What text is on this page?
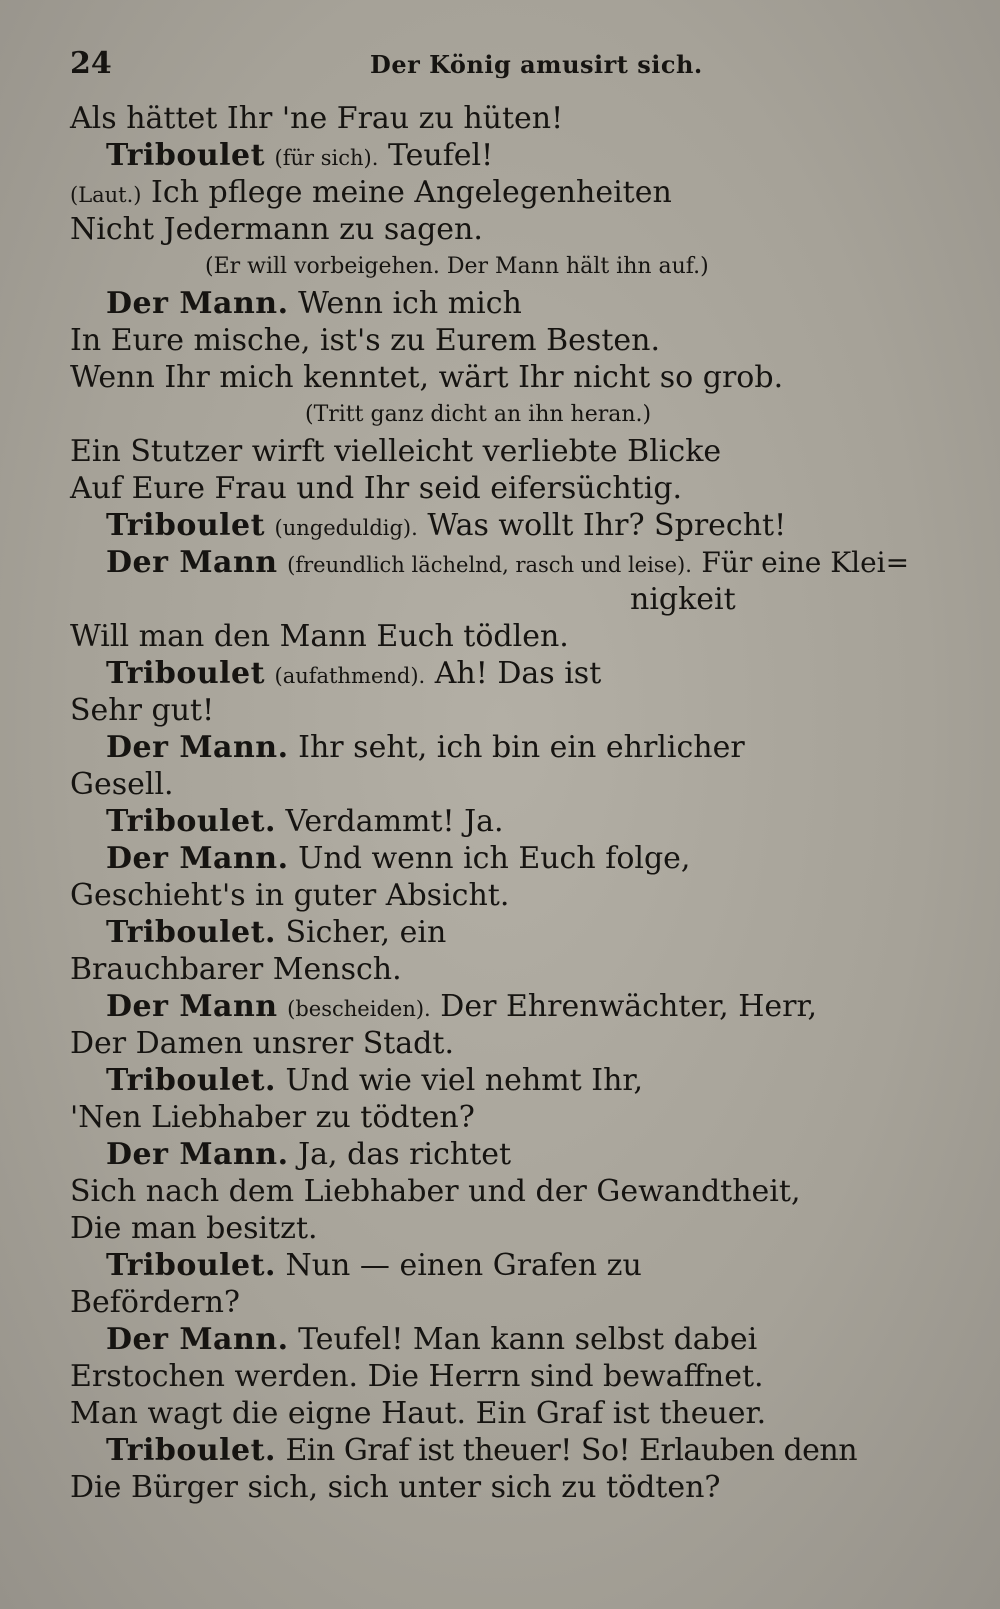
24	Der König amusirt sich.
Als hättet Ihr 'ne Frau zu hüten!
Triboulet (für sich). Teufel!
(Laut.) Ich pflege meine Angelegenheiten
Nicht Jedermann zu sagen.
(Er will vorbeigehen. Der Mann hält ihn auf.)
Der Mann. Wenn ich mich
In Eure mische, ist's zu Eurem Besten.
Wenn Ihr mich kenntet, wärt Ihr nicht so grob.
(Tritt ganz dicht an ihn heran.)
Ein Stutzer wirft vielleicht verliebte Blicke
Auf Eure Frau und Ihr seid eifersüchtig.
Triboulet (ungeduldig). Was wollt Ihr? Sprecht!
Der Mann (freundlich lächelnd, rasch und leise). Für eine Klei=
nigkeit
Will man den Mann Euch tödlen.
Triboulet (aufathmend). Ah! Das ist
Sehr gut!
Der Mann. Ihr seht, ich bin ein ehrlicher
Gesell.
Triboulet. Verdammt! Ja.
Der Mann. Und wenn ich Euch folge,
Geschieht's in guter Absicht.
Triboulet. Sicher, ein
Brauchbarer Mensch.
Der Mann (bescheiden). Der Ehrenwächter, Herr,
Der Damen unsrer Stadt.
Triboulet. Und wie viel nehmt Ihr,
'Nen Liebhaber zu tödten?
Der Mann. Ja, das richtet
Sich nach dem Liebhaber und der Gewandtheit,
Die man besitzt.
Triboulet. Nun — einen Grafen zu
Befördern?
Der Mann. Teufel! Man kann selbst dabei
Erstochen werden. Die Herrn sind bewaffnet.
Man wagt die eigne Haut. Ein Graf ist theuer.
Triboulet. Ein Graf ist theuer! So! Erlauben denn
Die Bürger sich, sich unter sich zu tödten?
